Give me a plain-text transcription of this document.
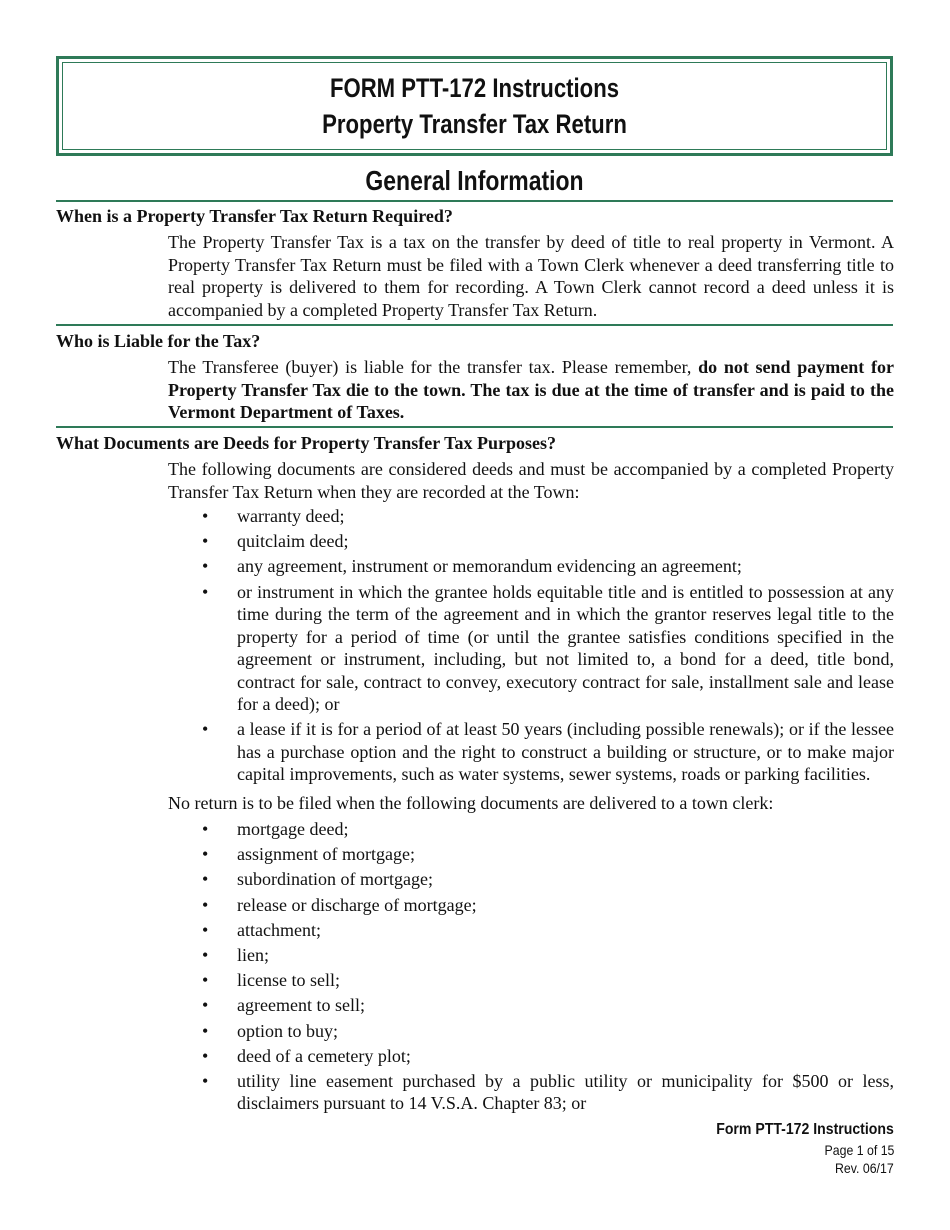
FORM PTT-172 Instructions
Property Transfer Tax Return
General Information
When is a Property Transfer Tax Return Required?
The Property Transfer Tax is a tax on the transfer by deed of title to real property in Vermont. A Property Transfer Tax Return must be filed with a Town Clerk whenever a deed transferring title to real property is delivered to them for recording. A Town Clerk cannot record a deed unless it is accompanied by a completed Property Transfer Tax Return.
Who is Liable for the Tax?
The Transferee (buyer) is liable for the transfer tax. Please remember, do not send payment for Property Transfer Tax die to the town. The tax is due at the time of transfer and is paid to the Vermont Department of Taxes.
What Documents are Deeds for Property Transfer Tax Purposes?
The following documents are considered deeds and must be accompanied by a completed Property Transfer Tax Return when they are recorded at the Town:
• warranty deed;
• quitclaim deed;
• any agreement, instrument or memorandum evidencing an agreement;
• or instrument in which the grantee holds equitable title and is entitled to possession at any time during the term of the agreement and in which the grantor reserves legal title to the property for a period of time (or until the grantee satisfies conditions specified in the agreement or instrument, including, but not limited to, a bond for a deed, title bond, contract for sale, contract to convey, executory contract for sale, installment sale and lease for a deed); or
• a lease if it is for a period of at least 50 years (including possible renewals); or if the lessee has a purchase option and the right to construct a building or structure, or to make major capital improvements, such as water systems, sewer systems, roads or parking facilities.
No return is to be filed when the following documents are delivered to a town clerk:
• mortgage deed;
• assignment of mortgage;
• subordination of mortgage;
• release or discharge of mortgage;
• attachment;
• lien;
• license to sell;
• agreement to sell;
• option to buy;
• deed of a cemetery plot;
• utility line easement purchased by a public utility or municipality for $500 or less, disclaimers pursuant to 14 V.S.A. Chapter 83; or
Form PTT-172 Instructions
Page 1 of 15
Rev. 06/17
